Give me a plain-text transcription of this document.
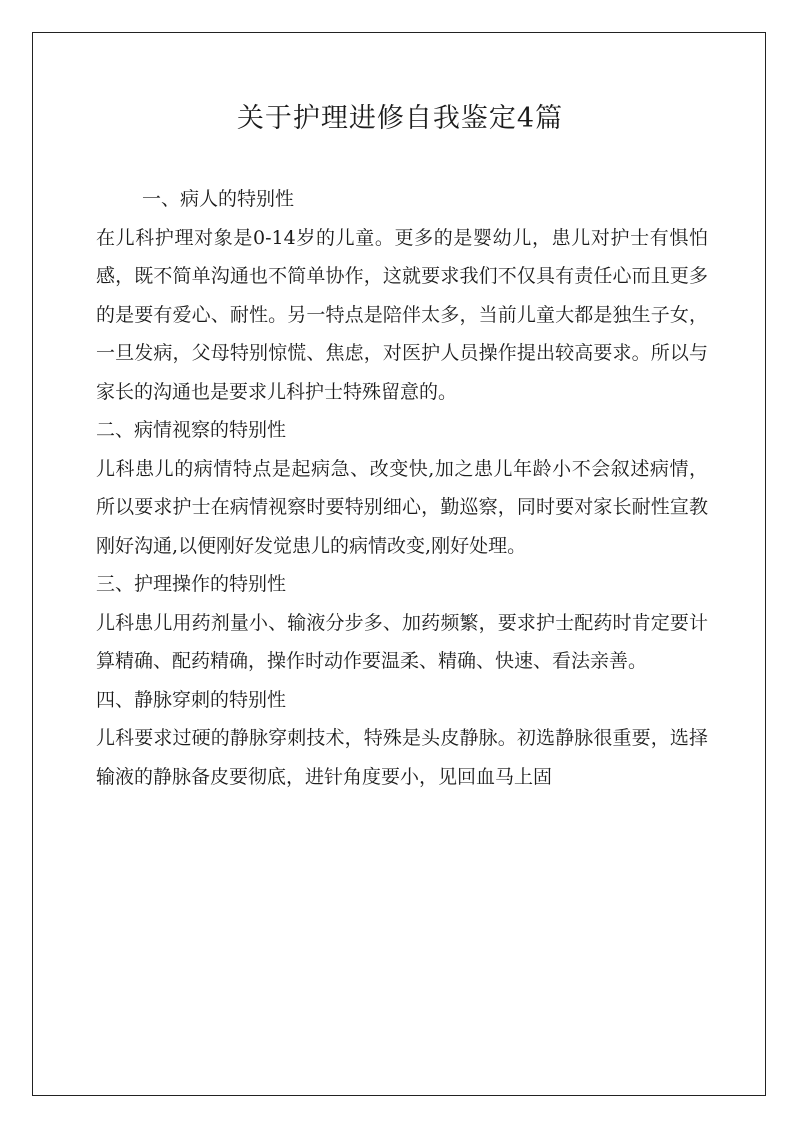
关于护理进修自我鉴定4篇

一、病人的特别性

在儿科护理对象是0-14岁的儿童。更多的是婴幼儿，患儿对护士有惧怕感，既不简单沟通也不简单协作，这就要求我们不仅具有责任心而且更多的是要有爱心、耐性。另一特点是陪伴太多，当前儿童大都是独生子女，一旦发病，父母特别惊慌、焦虑，对医护人员操作提出较高要求。所以与家长的沟通也是要求儿科护士特殊留意的。

二、病情视察的特别性

儿科患儿的病情特点是起病急、改变快,加之患儿年龄小不会叙述病情，所以要求护士在病情视察时要特别细心，勤巡察，同时要对家长耐性宣教刚好沟通,以便刚好发觉患儿的病情改变,刚好处理。

三、护理操作的特别性

儿科患儿用药剂量小、输液分步多、加药频繁，要求护士配药时肯定要计算精确、配药精确，操作时动作要温柔、精确、快速、看法亲善。

四、静脉穿刺的特别性

儿科要求过硬的静脉穿刺技术，特殊是头皮静脉。初选静脉很重要，选择输液的静脉备皮要彻底，进针角度要小，见回血马上固
